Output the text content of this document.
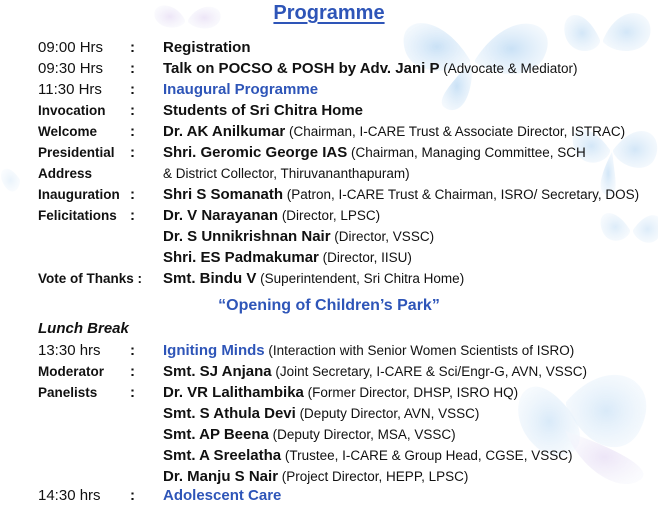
Programme
09:00 Hrs : Registration
09:30 Hrs : Talk on POCSO & POSH by Adv. Jani P (Advocate & Mediator)
11:30 Hrs : Inaugural Programme
Invocation : Students of Sri Chitra Home
Welcome : Dr. AK Anilkumar (Chairman, I-CARE Trust & Associate Director, ISTRAC)
Presidential : Shri. Geromic George IAS (Chairman, Managing Committee, SCH
Address	& District Collector, Thiruvananthapuram)
Inauguration : Shri S Somanath (Patron, I-CARE Trust & Chairman, ISRO/ Secretary, DOS)
Felicitations : Dr. V Narayanan (Director, LPSC)
Dr. S Unnikrishnan Nair (Director, VSSC)
Shri. ES Padmakumar (Director, IISU)
Vote of Thanks : Smt. Bindu V (Superintendent, Sri Chitra Home)
“Opening of Children’s Park”
Lunch Break
13:30 hrs : Igniting Minds (Interaction with Senior Women Scientists of ISRO)
Moderator : Smt. SJ Anjana (Joint Secretary, I-CARE & Sci/Engr-G, AVN, VSSC)
Panelists : Dr. VR Lalithambika (Former Director, DHSP, ISRO HQ)
Smt. S Athula Devi (Deputy Director, AVN, VSSC)
Smt. AP Beena (Deputy Director, MSA, VSSC)
Smt. A Sreelatha (Trustee, I-CARE & Group Head, CGSE, VSSC)
Dr. Manju S Nair (Project Director, HEPP, LPSC)
14:30 hrs : Adolescent Care
